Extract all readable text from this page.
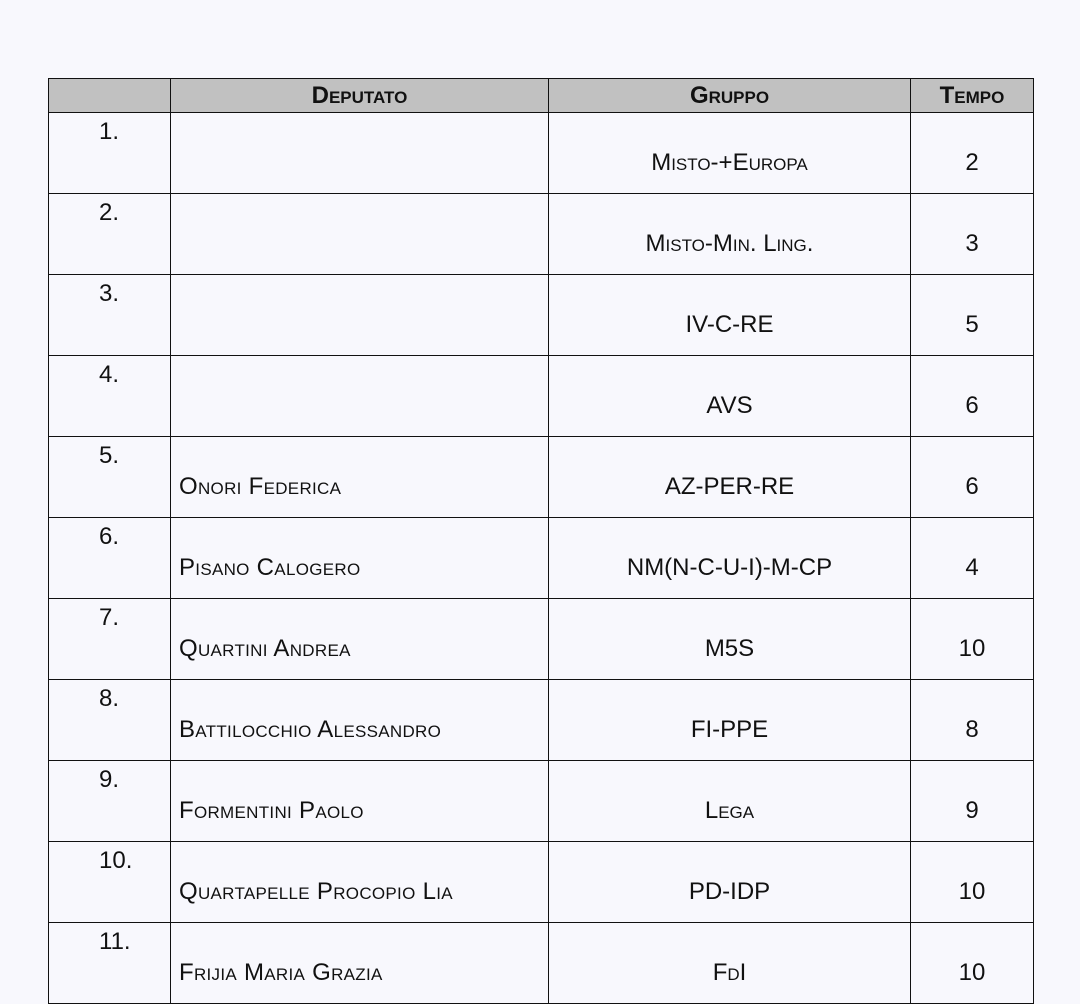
	Deputato	Gruppo	Tempo
1.		Misto-+Europa	2
2.		Misto-Min. Ling.	3
3.		IV-C-RE	5
4.		AVS	6
5.	Onori Federica	AZ-PER-RE	6
6.	Pisano Calogero	NM(N-C-U-I)-M-CP	4
7.	Quartini Andrea	M5S	10
8.	Battilocchio Alessandro	FI-PPE	8
9.	Formentini Paolo	Lega	9
10.	Quartapelle Procopio Lia	PD-IDP	10
11.	Frijia Maria Grazia	FdI	10
